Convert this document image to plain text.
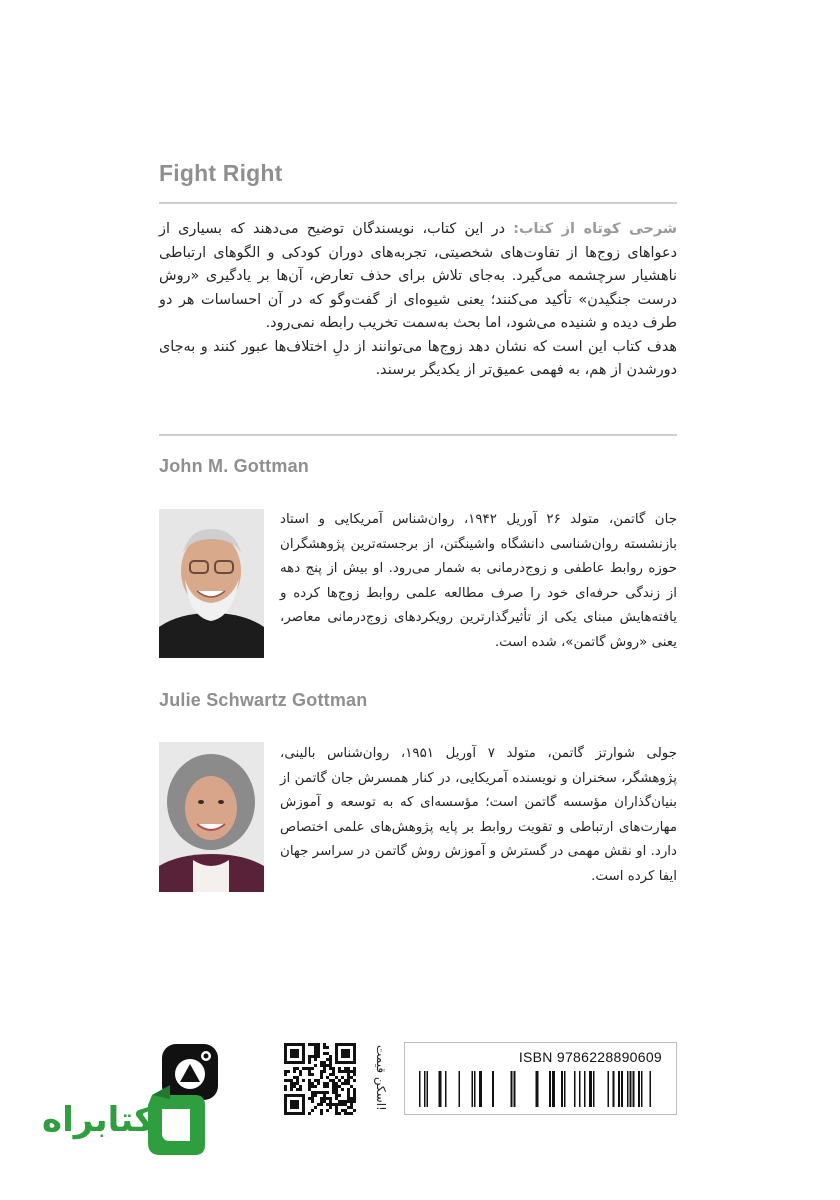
Fight Right

شرحی کوتاه از کتاب: در این کتاب، نویسندگان توضیح می‌دهند که بسیاری از دعواهای زوج‌ها از تفاوت‌های شخصیتی، تجربه‌های دوران کودکی و الگوهای ارتباطی ناهشیار سرچشمه می‌گیرد. به‌جای تلاش برای حذف تعارض، آن‌ها بر یادگیری «روش درست جنگیدن» تأکید می‌کنند؛ یعنی شیوه‌ای از گفت‌وگو که در آن احساسات هر دو طرف دیده و شنیده می‌شود، اما بحث به‌سمت تخریب رابطه نمی‌رود.

هدف کتاب این است که نشان دهد زوج‌ها می‌توانند از دلِ اختلاف‌ها عبور کنند و به‌جای دورشدن از هم، به فهمی عمیق‌تر از یکدیگر برسند.

John M. Gottman
جان گاتمن، متولد ۲۶ آوریل ۱۹۴۲، روان‌شناس آمریکایی و استاد بازنشسته روان‌شناسی دانشگاه واشینگتن، از برجسته‌ترین پژوهشگران حوزه روابط عاطفی و زوج‌درمانی به شمار می‌رود. او بیش از پنج دهه از زندگی حرفه‌ای خود را صرف مطالعه علمی روابط زوج‌ها کرده و یافته‌هایش مبنای یکی از تأثیرگذارترین رویکردهای زوج‌درمانی معاصر، یعنی «روش گاتمن»، شده است.
Julie Schwartz Gottman
جولی شوارتز گاتمن، متولد ۷ آوریل ۱۹۵۱، روان‌شناس بالینی، پژوهشگر، سخنران و نویسنده آمریکایی، در کنار همسرش جان گاتمن از بنیان‌گذاران مؤسسه گاتمن است؛ مؤسسه‌ای که به توسعه و آموزش مهارت‌های ارتباطی و تقویت روابط بر پایه پژوهش‌های علمی اختصاص دارد. او نقش مهمی در گسترش و آموزش روش گاتمن در سراسر جهان ایفا کرده است.
ISBN 9786228890609
اسکن قیمت!
کتابراه
